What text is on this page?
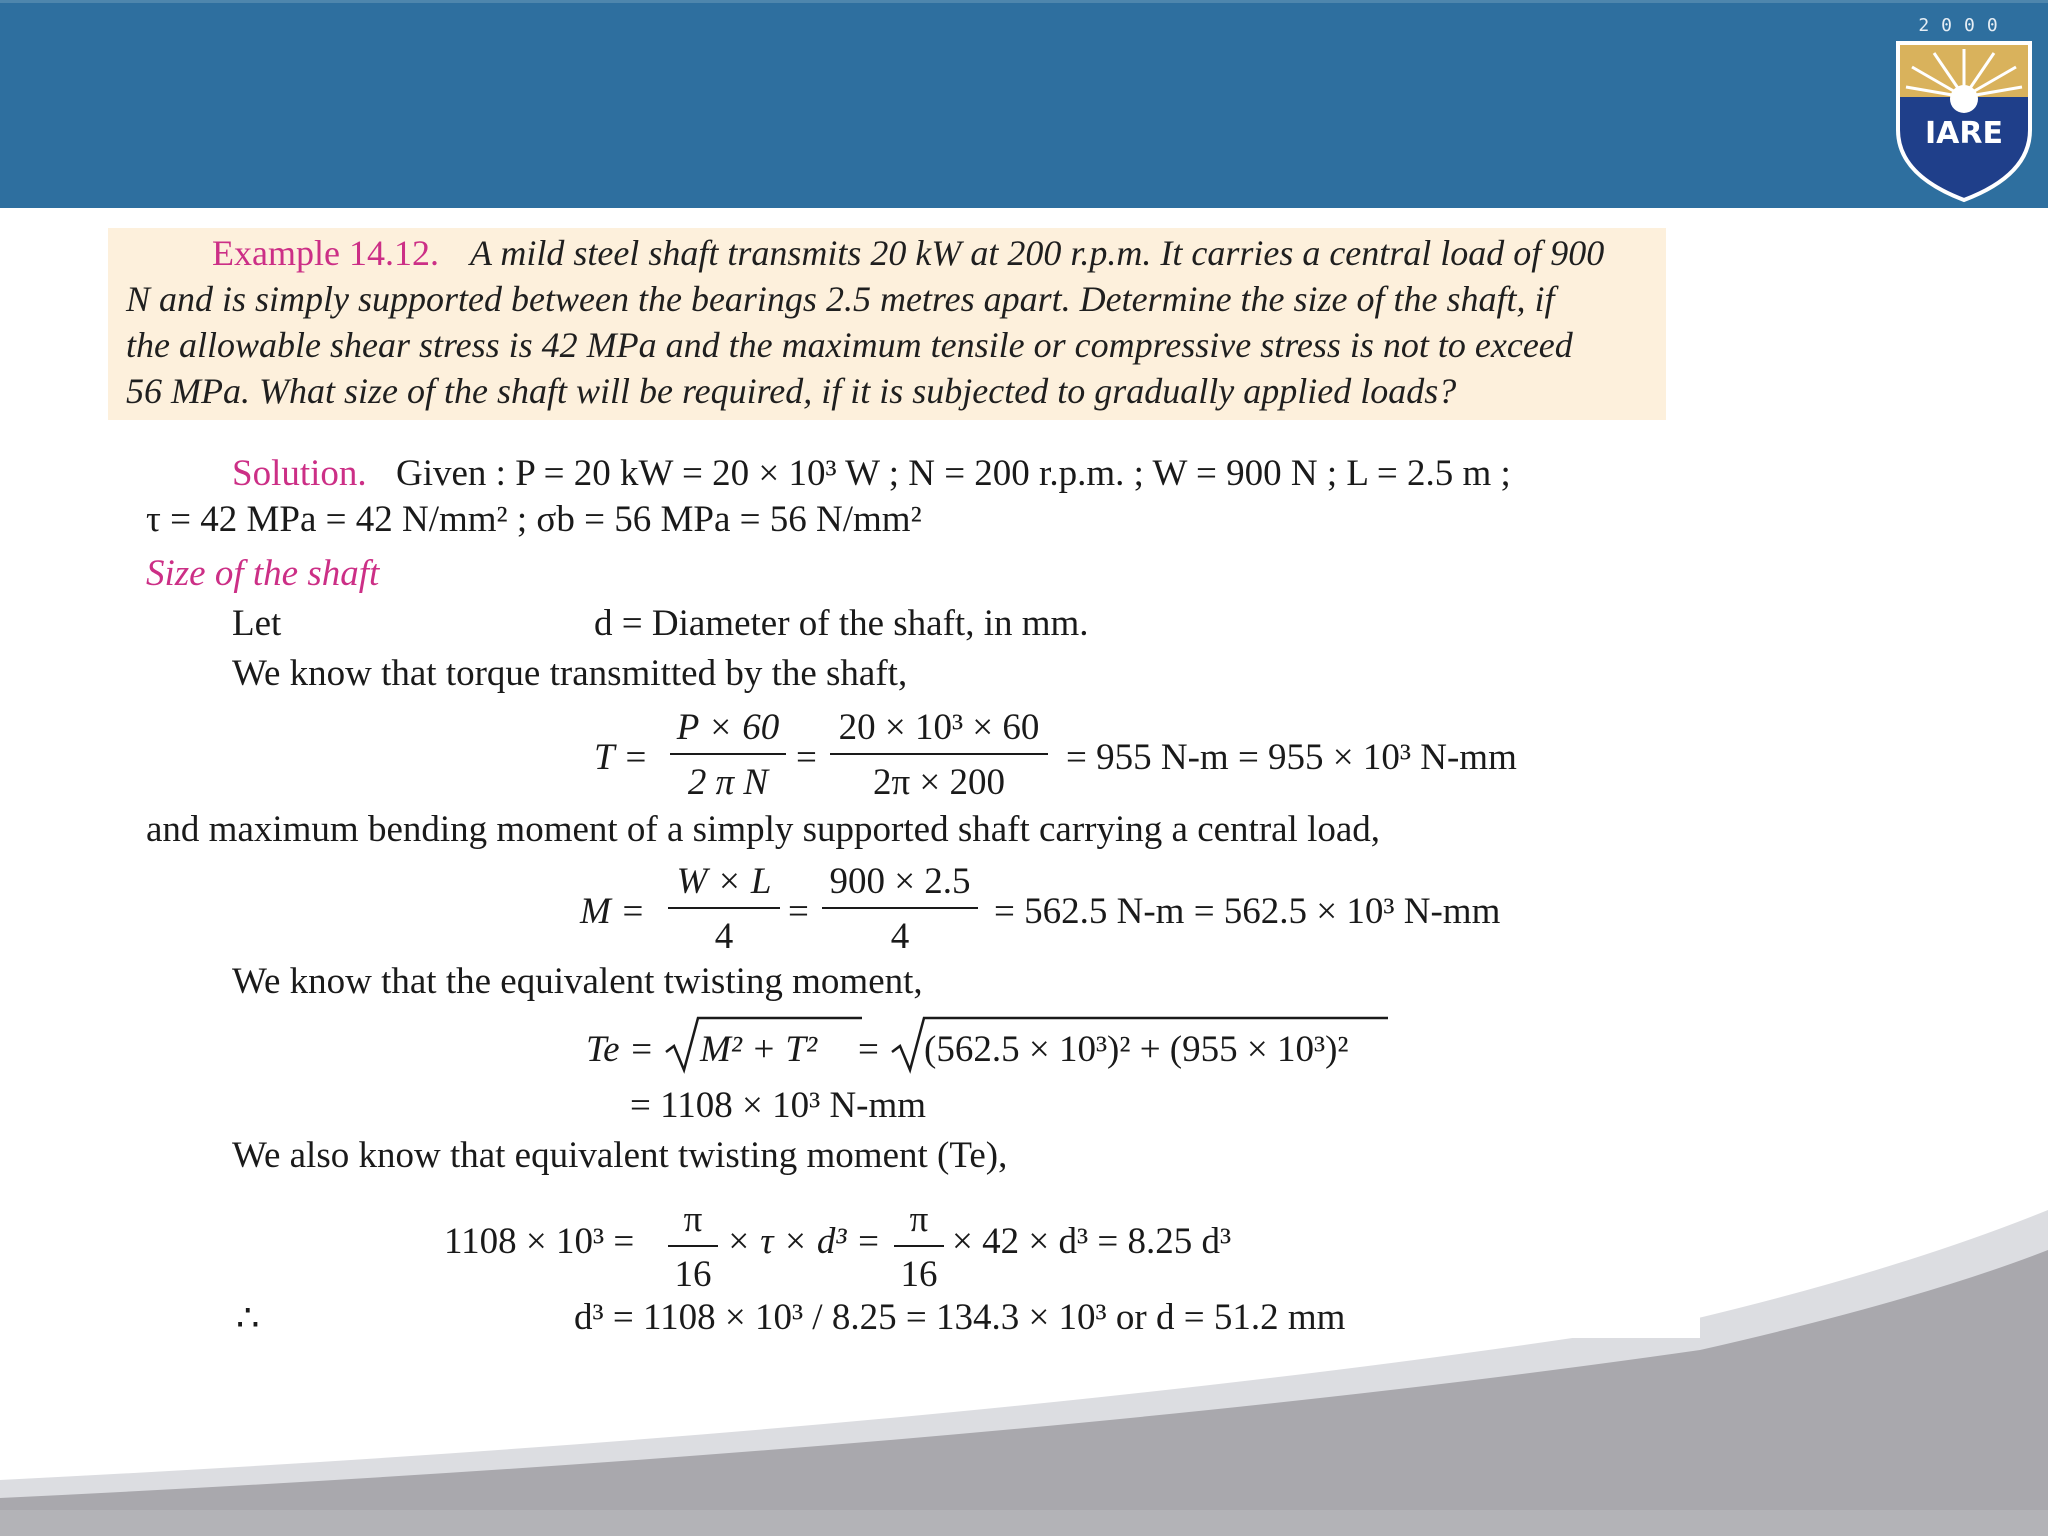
2000
IARE
Example 14.12. A mild steel shaft transmits 20 kW at 200 r.p.m. It carries a central load of 900
N and is simply supported between the bearings 2.5 metres apart. Determine the size of the shaft, if
the allowable shear stress is 42 MPa and the maximum tensile or compressive stress is not to exceed
56 MPa. What size of the shaft will be required, if it is subjected to gradually applied loads?
Solution. Given : P = 20 kW = 20 × 10³ W ; N = 200 r.p.m. ; W = 900 N ; L = 2.5 m ;
τ = 42 MPa = 42 N/mm² ; σb = 56 MPa = 56 N/mm²
Size of the shaft
Let	d = Diameter of the shaft, in mm.
We know that torque transmitted by the shaft,
T =
P × 60
2 π N
=
20 × 10³ × 60
2π × 200
= 955 N-m = 955 × 10³ N-mm
and maximum bending moment of a simply supported shaft carrying a central load,
M =
W × L
4
=
900 × 2.5
4
= 562.5 N-m = 562.5 × 10³ N-mm
We know that the equivalent twisting moment,
Te = M² + T² = (562.5 × 10³)² + (955 × 10³)²
= 1108 × 10³ N-mm
We also know that equivalent twisting moment (Te),
1108 × 10³ =
π
16
× τ × d³ =
π
16
× 42 × d³ = 8.25 d³
∴	d³ = 1108 × 10³ / 8.25 = 134.3 × 10³ or d = 51.2 mm
